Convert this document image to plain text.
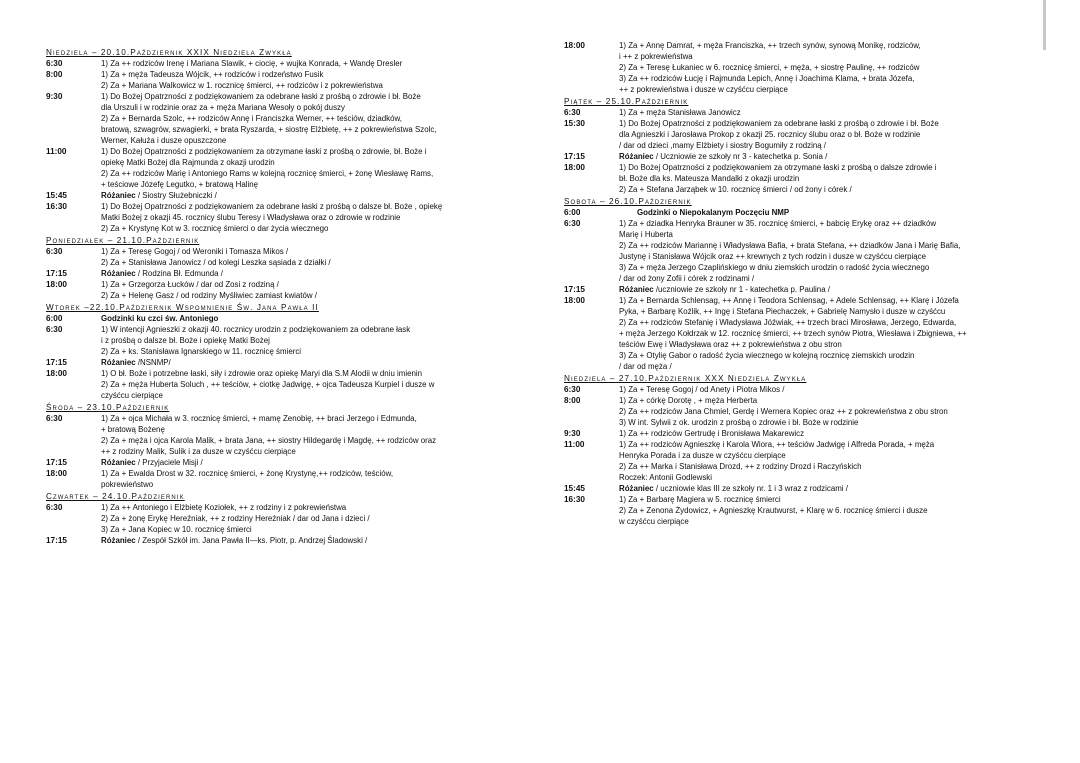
Niedziela – 20.10.Październik XXIX Niedziela Zwykła
6:30	1) Za ++ rodziców Irenę i Mariana Slawik, + ciocię, + wujka Konrada, + Wandę Dresler
8:00	1) Za + męża Tadeusza Wójcik, ++ rodziców i rodzeństwo Fusik
2) Za + Mariana Walkowicz w 1. rocznicę śmierci, ++ rodziców i z pokrewieństwa
9:30	1) Do Bożej Opatrzności z podziękowaniem za odebrane łaski z prośbą o zdrowie i bł. Boże
dla Urszuli i w rodzinie oraz za + męża Mariana Wesoły o pokój duszy
2) Za + Bernarda Szolc, ++ rodziców Annę i Franciszka Werner, ++ teściów, dziadków,
bratową, szwagrów, szwagierki, + brata Ryszarda, + siostrę Elżbietę, ++ z pokrewieństwa Szolc,
Werner, Kałuża i dusze opuszczone
11:00	1) Do Bożej Opatrzności z podziękowaniem za otrzymane łaski z prośbą o zdrowie, bł. Boże i
opiekę Matki Bożej dla Rajmunda z okazji urodzin
2) Za ++ rodziców Marię i Antoniego Rams w kolejną rocznicę śmierci, + żonę Wiesławę Rams,
+ teściowe Józefę Legutko, + bratową Halinę
15:45	Różaniec / Siostry Służebniczki /
16:30	1) Do Bożej Opatrzności z podziękowaniem za odebrane łaski z prośbą o dalsze bł. Boże , opiekę
Matki Bożej z okazji 45. rocznicy ślubu Teresy i Władysława oraz o zdrowie w rodzinie
2) Za + Krystynę Kot w 3. rocznicę śmierci o dar życia wiecznego
Poniedziałek – 21.10.Październik
6:30	1) Za + Teresę Gogoj / od Weroniki i Tomasza Mikos /
2) Za + Stanisława Janowicz / od kolegi Leszka sąsiada z działki /
17:15	Różaniec / Rodzina Bł. Edmunda /
18:00	1) Za + Grzegorza Łucków / dar od Zosi z rodziną /
2) Za + Helenę Gasz / od rodziny Myśliwiec zamiast kwiatów /
Wtorek –22.10.Październik Wspomnienie Św. Jana Pawła II
6:00	Godzinki ku czci św. Antoniego
6:30	1) W intencji Agnieszki z okazji 40. rocznicy urodzin z podziękowaniem za odebrane łask
i z prośbą o dalsze bł. Boże i opiekę Matki Bożej
2) Za + ks. Stanisława Ignarskiego w 11. rocznicę śmierci
17:15	Różaniec /NSNMP/
18:00	1) O bł. Boże i potrzebne łaski, siły i zdrowie oraz opiekę Maryi dla S.M Alodii w dniu imienin
2) Za + męża Huberta Soluch , ++ teściów, + ciotkę Jadwigę, + ojca Tadeusza Kurpiel i dusze w
czyśćcu cierpiące
Środa – 23.10.Październik
6:30	1) Za + ojca Michała w 3. rocznicę śmierci, + mamę Zenobię, ++ braci Jerzego i Edmunda,
+ bratową Bożenę
2) Za + męża i ojca Karola Malik, + brata Jana, ++ siostry Hildegardę i Magdę, ++ rodziców oraz
++ z rodziny Malik, Sulik i za dusze w czyśćcu cierpiące
17:15	Różaniec / Przyjaciele Misji /
18:00	1) Za + Ewalda Drost w 32. rocznicę śmierci, + żonę Krystynę,++ rodziców, teściów,
pokrewieństwo
Czwartek – 24.10.Październik
6:30	1) Za ++ Antoniego i Elżbietę Koziołek, ++ z rodziny i z pokrewieństwa
2) Za + żonę Erykę Hereźniak, ++ z rodziny Hereźniak / dar od Jana i dzieci /
3) Za + Jana Kopiec w 10. rocznicę śmierci
17:15	Różaniec / Zespół Szkół im. Jana Pawła II—ks. Piotr, p. Andrzej Śladowski /
18:00	1) Za + Annę Damrat, + męża Franciszka, ++ trzech synów, synową Monikę, rodziców,
i ++ z pokrewieństwa
2) Za + Teresę Łukaniec w 6. rocznicę śmierci, + męża, + siostrę Paulinę, ++ rodziców
3) Za ++ rodziców Łucję i Rajmunda Lepich, Annę i Joachima Klama, + brata Józefa,
++ z pokrewieństwa i dusze w czyśćcu cierpiące
Piątek – 25.10.Październik
6:30	1) Za + męża Stanisława Janowicz
15:30	1) Do Bożej Opatrzności z podziękowaniem za odebrane łaski z prośbą o zdrowie i bł. Boże
dla Agnieszki i Jarosława Prokop z okazji 25. rocznicy ślubu oraz o bł. Boże w rodzinie
/ dar od dzieci ,mamy Elżbiety i siostry Bogumiły z rodziną /
17:15	Różaniec / Uczniowie ze szkoły nr 3 - katechetka p. Sonia /
18:00	1) Do Bożej Opatrzności z podziękowaniem za otrzymane łaski z prośbą o dalsze zdrowie i
bł. Boże dla ks. Mateusza Mandalki z okazji urodzin
2) Za + Stefana Jarząbek w 10. rocznicę śmierci / od żony i córek /
Sobota – 26.10.Październik
6:00	Godzinki o Niepokalanym Poczęciu NMP
6:30	1) Za + dziadka Henryka Brauner w 35. rocznicę śmierci, + babcię Erykę oraz ++ dziadków
Marię i Huberta
2) Za ++ rodziców Mariannę i Władysława Bafia, + brata Stefana, ++ dziadków Jana i Marię Bafia,
Justynę i Stanisława Wójcik oraz ++ krewnych z tych rodzin i dusze w czyśćcu cierpiące
3) Za + męża Jerzego Czaplińskiego w dniu ziemskich urodzin o radość życia wiecznego
/ dar od żony Zofii i córek z rodzinami /
17:15	Różaniec /uczniowie ze szkoły nr 1 - katechetka p. Paulina /
18:00	1) Za + Bernarda Schlensag, ++ Annę i Teodora Schlensag, + Adele Schlensag, ++ Klarę i Józefa
Pyka, + Barbarę Koźlik, ++ Ingę i Stefana Piechaczek, + Gabrielę Namysło i dusze w czyśćcu
2) Za ++ rodziców Stefanię i Władysława Jóźwiak, ++ trzech braci Mirosława, Jerzego, Edwarda,
+ męża Jerzego Kołdrzak w 12. rocznicę śmierci, ++ trzech synów Piotra, Wiesława i Zbigniewa, ++
teściów Ewę i Władysława oraz ++ z pokrewieństwa z obu stron
3) Za + Otylię Gabor o radość życia wiecznego w kolejną rocznicę ziemskich urodzin
/ dar od męża /
Niedziela – 27.10.Październik XXX Niedziela Zwykła
6:30	1) Za + Teresę Gogoj / od Anety i Piotra Mikos /
8:00	1) Za + córkę Dorotę , + męża Herberta
2) Za ++ rodziców Jana Chmiel, Gerdę i Wernera Kopiec oraz ++ z pokrewieństwa z obu stron
3) W int. Sylwii z ok. urodzin z prośbą o zdrowie i bł. Boże w rodzinie
9:30	1) Za ++ rodziców Gertrudę i Bronisława Makarewicz
11:00	1) Za ++ rodziców Agnieszkę i Karola Wiora, ++ teściów Jadwigę i Alfreda Porada, + męża
Henryka Porada i za dusze w czyśćcu cierpiące
2) Za ++ Marka i Stanisława Drozd, ++ z rodziny Drozd i Raczyńskich
Roczek: Antonii Godlewski
15:45	Różaniec / uczniowie klas III ze szkoły nr. 1 i 3 wraz z rodzicami /
16:30	1) Za + Barbarę Magiera w 5. rocznicę śmierci
2) Za + Zenona Żydowicz, + Agnieszkę Krautwurst, + Klarę w 6. rocznicę śmierci i dusze
w czyśćcu cierpiące
